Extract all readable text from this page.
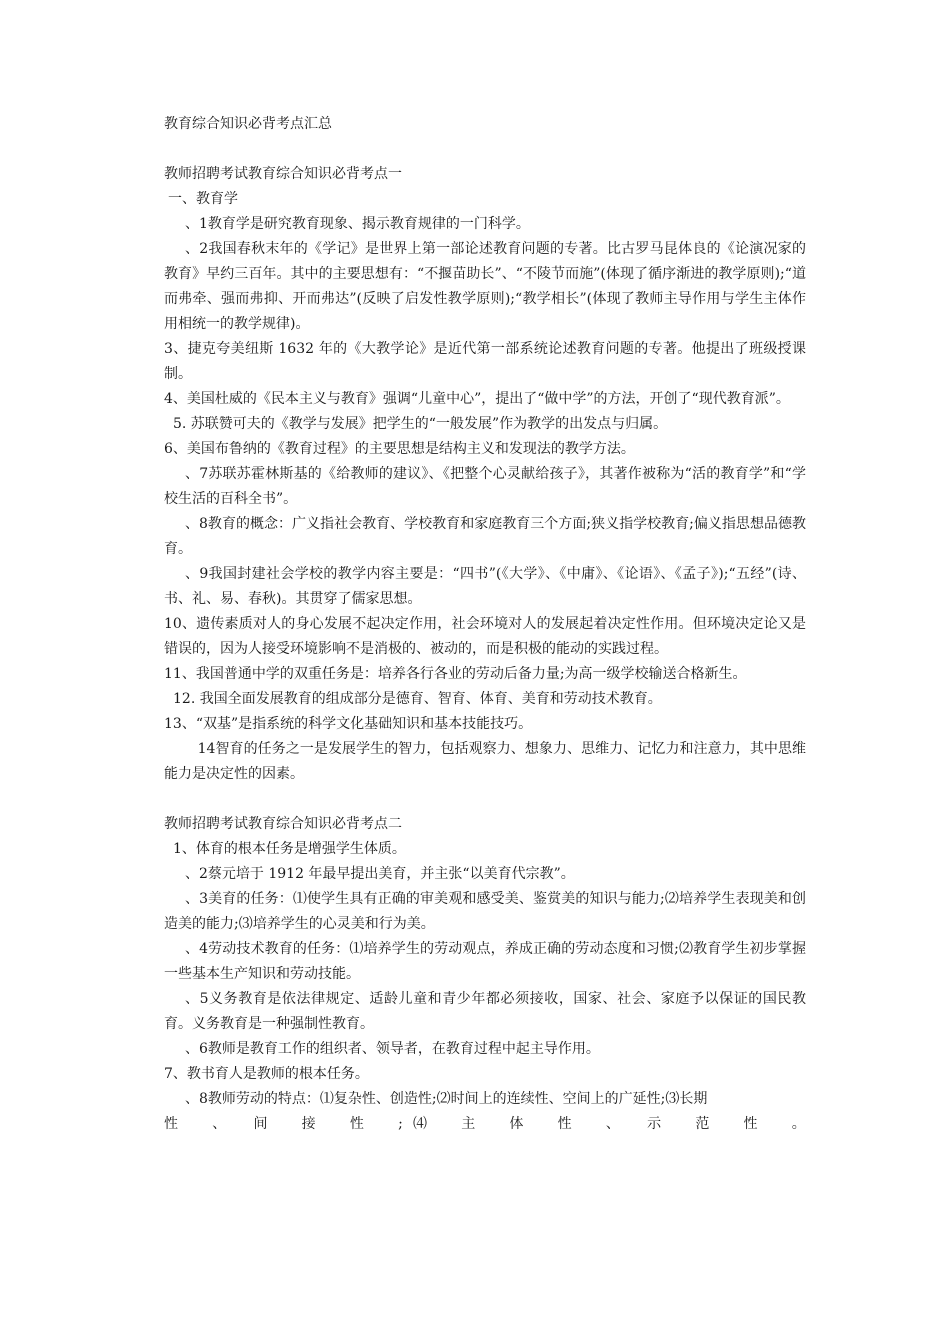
教育综合知识必背考点汇总

教师招聘考试教育综合知识必背考点一

一、教育学

、1教育学是研究教育现象、揭示教育规律的一门科学。

、2我国春秋末年的《学记》是世界上第一部论述教育问题的专著。比古罗马昆体良的《论演况家的教育》早约三百年。其中的主要思想有：“不揠苗助长”、“不陵节而施”(体现了循序渐进的教学原则);“道而弗牵、强而弗抑、开而弗达”(反映了启发性教学原则);“教学相长”(体现了教师主导作用与学生主体作用相统一的教学规律)。

3、捷克夸美纽斯 1632 年的《大教学论》是近代第一部系统论述教育问题的专著。他提出了班级授课制。

4、美国杜威的《民本主义与教育》强调“儿童中心”，提出了“做中学”的方法，开创了“现代教育派”。

5. 苏联赞可夫的《教学与发展》把学生的“一般发展”作为教学的出发点与归属。

6、美国布鲁纳的《教育过程》的主要思想是结构主义和发现法的教学方法。

、7苏联苏霍林斯基的《给教师的建议》、《把整个心灵献给孩子》，其著作被称为“活的教育学”和“学校生活的百科全书”。

、8教育的概念：广义指社会教育、学校教育和家庭教育三个方面;狭义指学校教育;偏义指思想品德教育。

、9我国封建社会学校的教学内容主要是：“四书”(《大学》、《中庸》、《论语》、《孟子》);“五经”(诗、书、礼、易、春秋)。其贯穿了儒家思想。

10、遗传素质对人的身心发展不起决定作用，社会环境对人的发展起着决定性作用。但环境决定论又是错误的，因为人接受环境影响不是消极的、被动的，而是积极的能动的实践过程。

11、我国普通中学的双重任务是：培养各行各业的劳动后备力量;为高一级学校输送合格新生。

12. 我国全面发展教育的组成部分是德育、智育、体育、美育和劳动技术教育。

13、“双基”是指系统的科学文化基础知识和基本技能技巧。

14智育的任务之一是发展学生的智力，包括观察力、想象力、思维力、记忆力和注意力，其中思维能力是决定性的因素。

教师招聘考试教育综合知识必背考点二

1、体育的根本任务是增强学生体质。

、2蔡元培于 1912 年最早提出美育，并主张“以美育代宗教”。

、3美育的任务：⑴使学生具有正确的审美观和感受美、鉴赏美的知识与能力;⑵培养学生表现美和创造美的能力;⑶培养学生的心灵美和行为美。

、4劳动技术教育的任务：⑴培养学生的劳动观点，养成正确的劳动态度和习惯;⑵教育学生初步掌握一些基本生产知识和劳动技能。

、5义务教育是依法律规定、适龄儿童和青少年都必须接收，国家、社会、家庭予以保证的国民教育。义务教育是一种强制性教育。

、6教师是教育工作的组织者、领导者，在教育过程中起主导作用。

7、教书育人是教师的根本任务。

、8教师劳动的特点：⑴复杂性、创造性;⑵时间上的连续性、空间上的广延性;⑶长期

性　、　间　接　性　;⑷　主　体　性　、　示　范　性　。
